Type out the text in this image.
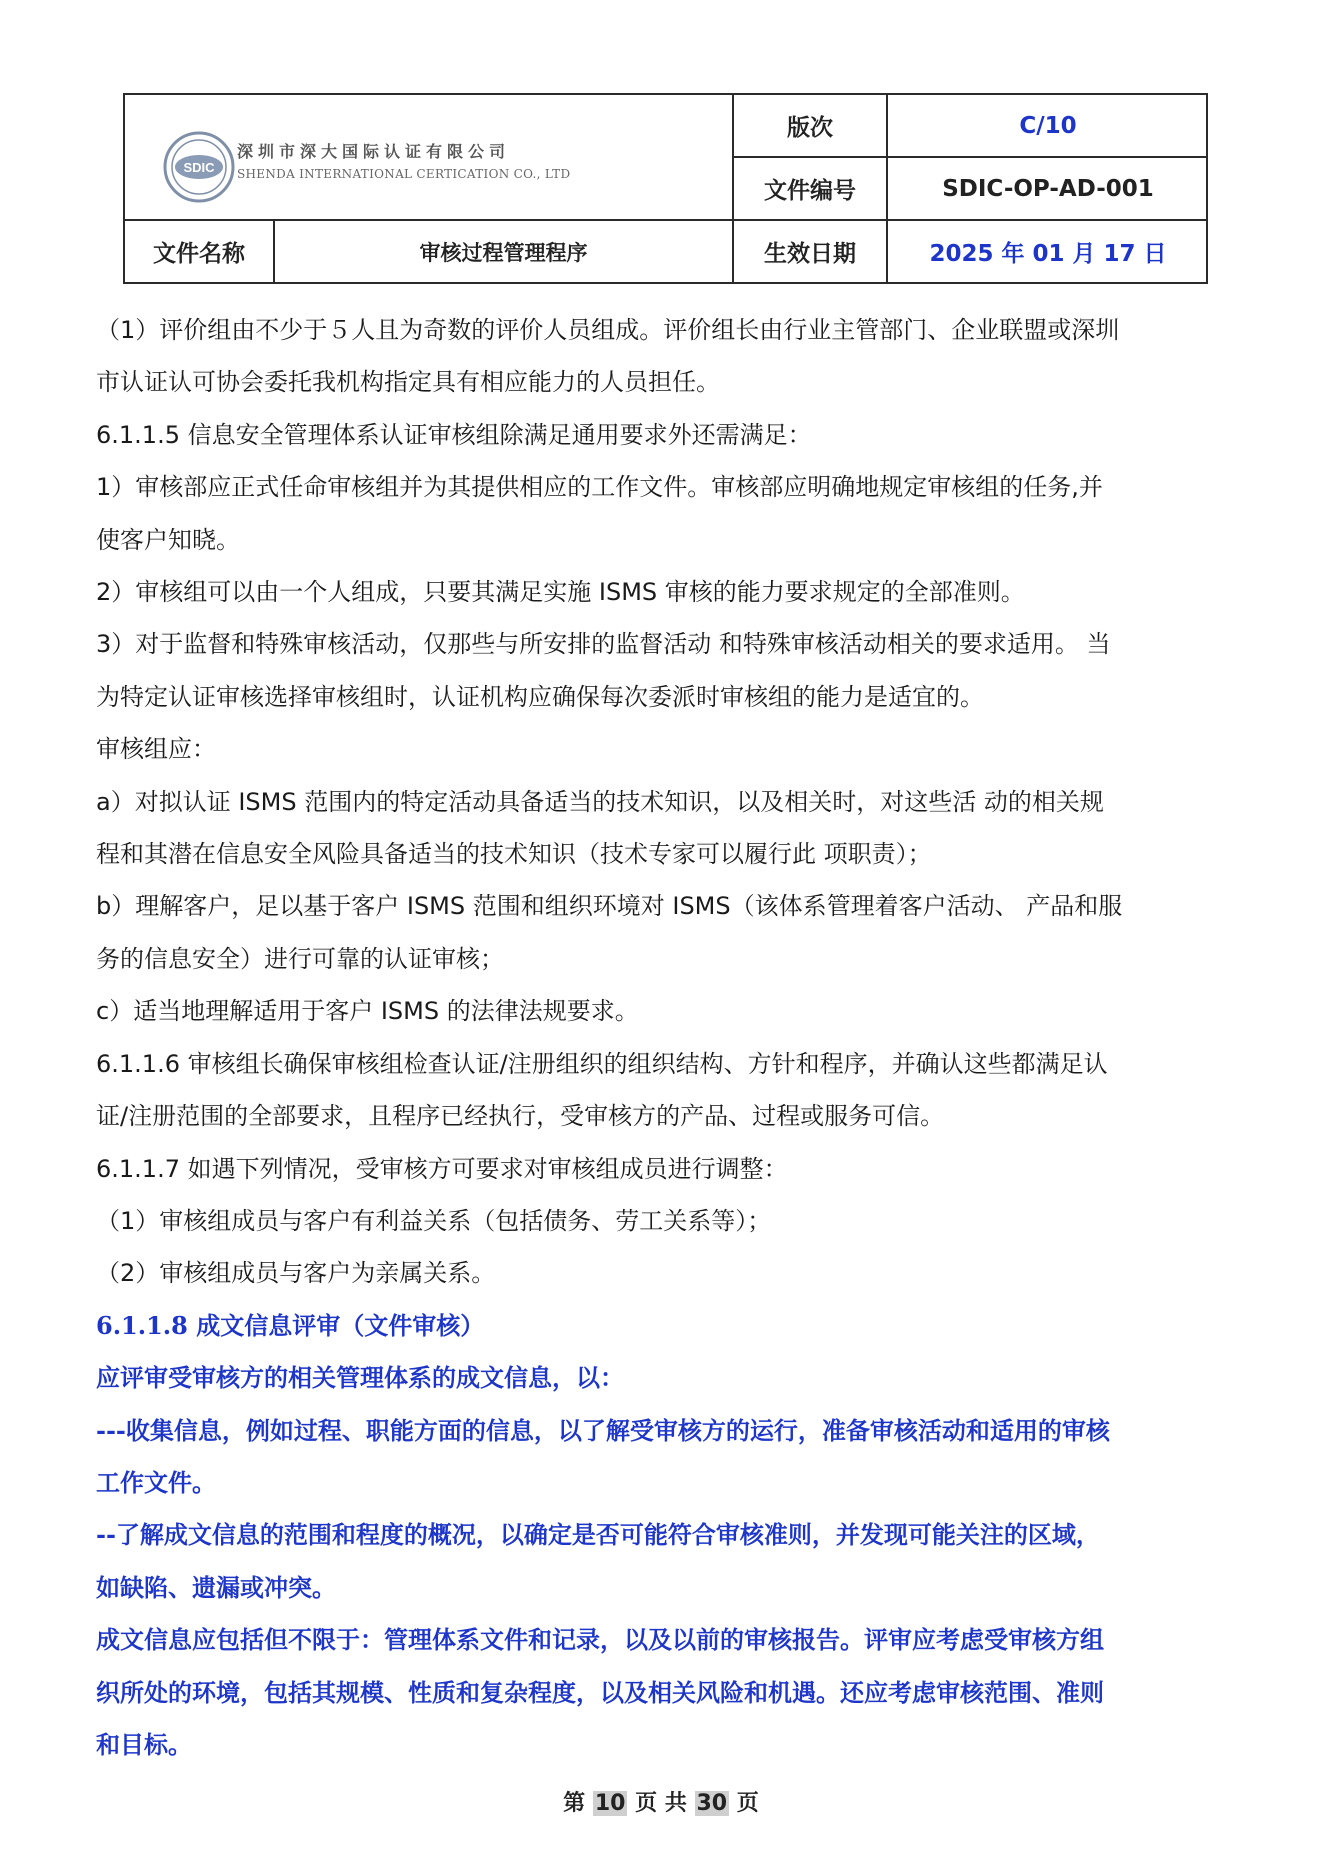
SDIC
深圳市深大国际认证有限公司
SHENDA INTERNATIONAL CERTICATION CO., LTD
版次	C/10
文件编号	SDIC-OP-AD-001
文件名称	审核过程管理程序	生效日期	2025 年 01 月 17 日

（1）评价组由不少于５人且为奇数的评价人员组成。评价组长由行业主管部门、企业联盟或深圳

市认证认可协会委托我机构指定具有相应能力的人员担任。

6.1.1.5 信息安全管理体系认证审核组除满足通用要求外还需满足：

1）审核部应正式任命审核组并为其提供相应的工作文件。审核部应明确地规定审核组的任务,并

使客户知晓。

2）审核组可以由一个人组成，只要其满足实施 ISMS 审核的能力要求规定的全部准则。

3）对于监督和特殊审核活动，仅那些与所安排的监督活动 和特殊审核活动相关的要求适用。 当

为特定认证审核选择审核组时，认证机构应确保每次委派时审核组的能力是适宜的。

审核组应：

a）对拟认证 ISMS 范围内的特定活动具备适当的技术知识，以及相关时，对这些活 动的相关规

程和其潜在信息安全风险具备适当的技术知识（技术专家可以履行此 项职责）；

b）理解客户，足以基于客户 ISMS 范围和组织环境对 ISMS（该体系管理着客户活动、 产品和服

务的信息安全）进行可靠的认证审核；

c）适当地理解适用于客户 ISMS 的法律法规要求。

6.1.1.6 审核组长确保审核组检查认证/注册组织的组织结构、方针和程序，并确认这些都满足认

证/注册范围的全部要求，且程序已经执行，受审核方的产品、过程或服务可信。

6.1.1.7 如遇下列情况，受审核方可要求对审核组成员进行调整：

（1）审核组成员与客户有利益关系（包括债务、劳工关系等）；

（2）审核组成员与客户为亲属关系。

6.1.1.8 成文信息评审（文件审核）

应评审受审核方的相关管理体系的成文信息，以：

---收集信息，例如过程、职能方面的信息，以了解受审核方的运行，准备审核活动和适用的审核

工作文件。

--了解成文信息的范围和程度的概况，以确定是否可能符合审核准则，并发现可能关注的区域，

如缺陷、遗漏或冲突。

成文信息应包括但不限于：管理体系文件和记录，以及以前的审核报告。评审应考虑受审核方组

织所处的环境，包括其规模、性质和复杂程度，以及相关风险和机遇。还应考虑审核范围、准则

和目标。

第 10 页 共 30 页
